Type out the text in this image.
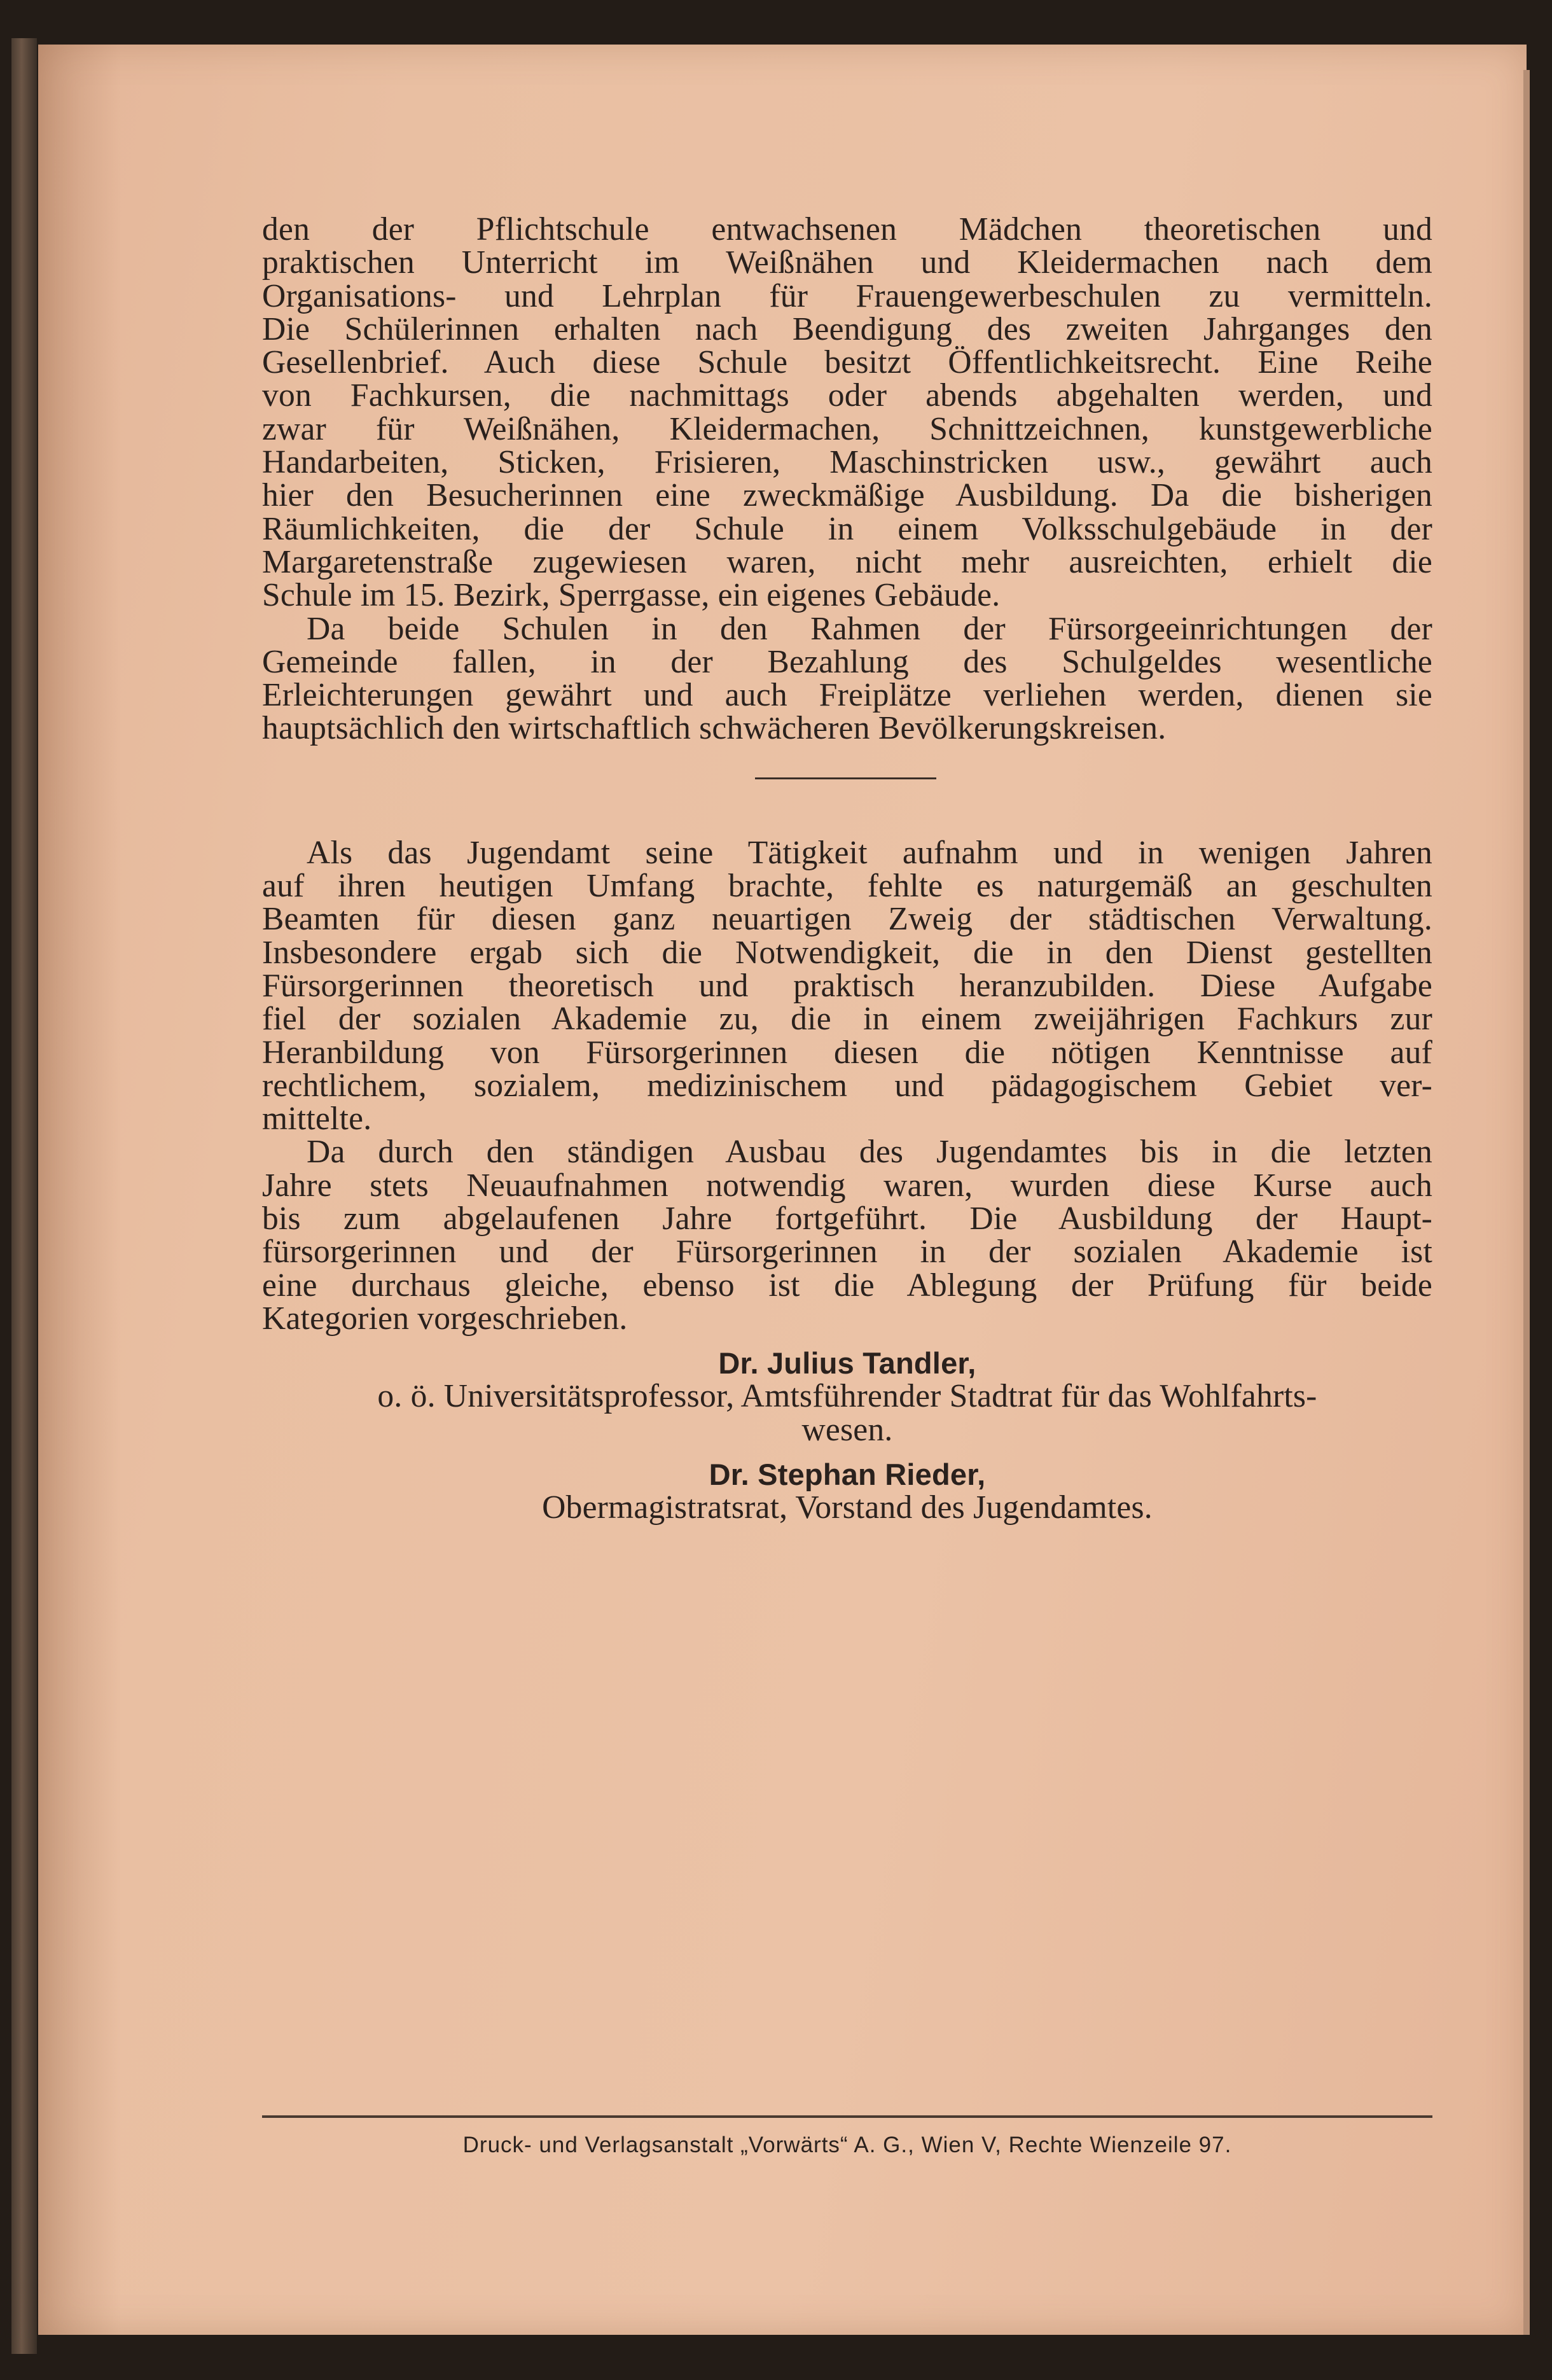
den der Pflichtschule entwachsenen Mädchen theoretischen und
praktischen Unterricht im Weißnähen und Kleidermachen nach dem
Organisations- und Lehrplan für Frauengewerbeschulen zu vermitteln.
Die Schülerinnen erhalten nach Beendigung des zweiten Jahrganges den
Gesellenbrief. Auch diese Schule besitzt Öffentlichkeitsrecht. Eine Reihe
von Fachkursen, die nachmittags oder abends abgehalten werden, und
zwar für Weißnähen, Kleidermachen, Schnittzeichnen, kunstgewerbliche
Handarbeiten, Sticken, Frisieren, Maschinstricken usw., gewährt auch
hier den Besucherinnen eine zweckmäßige Ausbildung. Da die bisherigen
Räumlichkeiten, die der Schule in einem Volksschulgebäude in der
Margaretenstraße zugewiesen waren, nicht mehr ausreichten, erhielt die
Schule im 15. Bezirk, Sperrgasse, ein eigenes Gebäude.

Da beide Schulen in den Rahmen der Fürsorgeeinrichtungen der
Gemeinde fallen, in der Bezahlung des Schulgeldes wesentliche
Erleichterungen gewährt und auch Freiplätze verliehen werden, dienen sie
hauptsächlich den wirtschaftlich schwächeren Bevölkerungskreisen.

Als das Jugendamt seine Tätigkeit aufnahm und in wenigen Jahren
auf ihren heutigen Umfang brachte, fehlte es naturgemäß an geschulten
Beamten für diesen ganz neuartigen Zweig der städtischen Verwaltung.
Insbesondere ergab sich die Notwendigkeit, die in den Dienst gestellten
Fürsorgerinnen theoretisch und praktisch heranzubilden. Diese Aufgabe
fiel der sozialen Akademie zu, die in einem zweijährigen Fachkurs zur
Heranbildung von Fürsorgerinnen diesen die nötigen Kenntnisse auf
rechtlichem, sozialem, medizinischem und pädagogischem Gebiet ver-
mittelte.

Da durch den ständigen Ausbau des Jugendamtes bis in die letzten
Jahre stets Neuaufnahmen notwendig waren, wurden diese Kurse auch
bis zum abgelaufenen Jahre fortgeführt. Die Ausbildung der Haupt-
fürsorgerinnen und der Fürsorgerinnen in der sozialen Akademie ist
eine durchaus gleiche, ebenso ist die Ablegung der Prüfung für beide
Kategorien vorgeschrieben.

Dr. Julius Tandler,
o. ö. Universitätsprofessor, Amtsführender Stadtrat für das Wohlfahrts-
wesen.
Dr. Stephan Rieder,
Obermagistratsrat, Vorstand des Jugendamtes.
Druck- und Verlagsanstalt „Vorwärts“ A. G., Wien V, Rechte Wienzeile 97.
